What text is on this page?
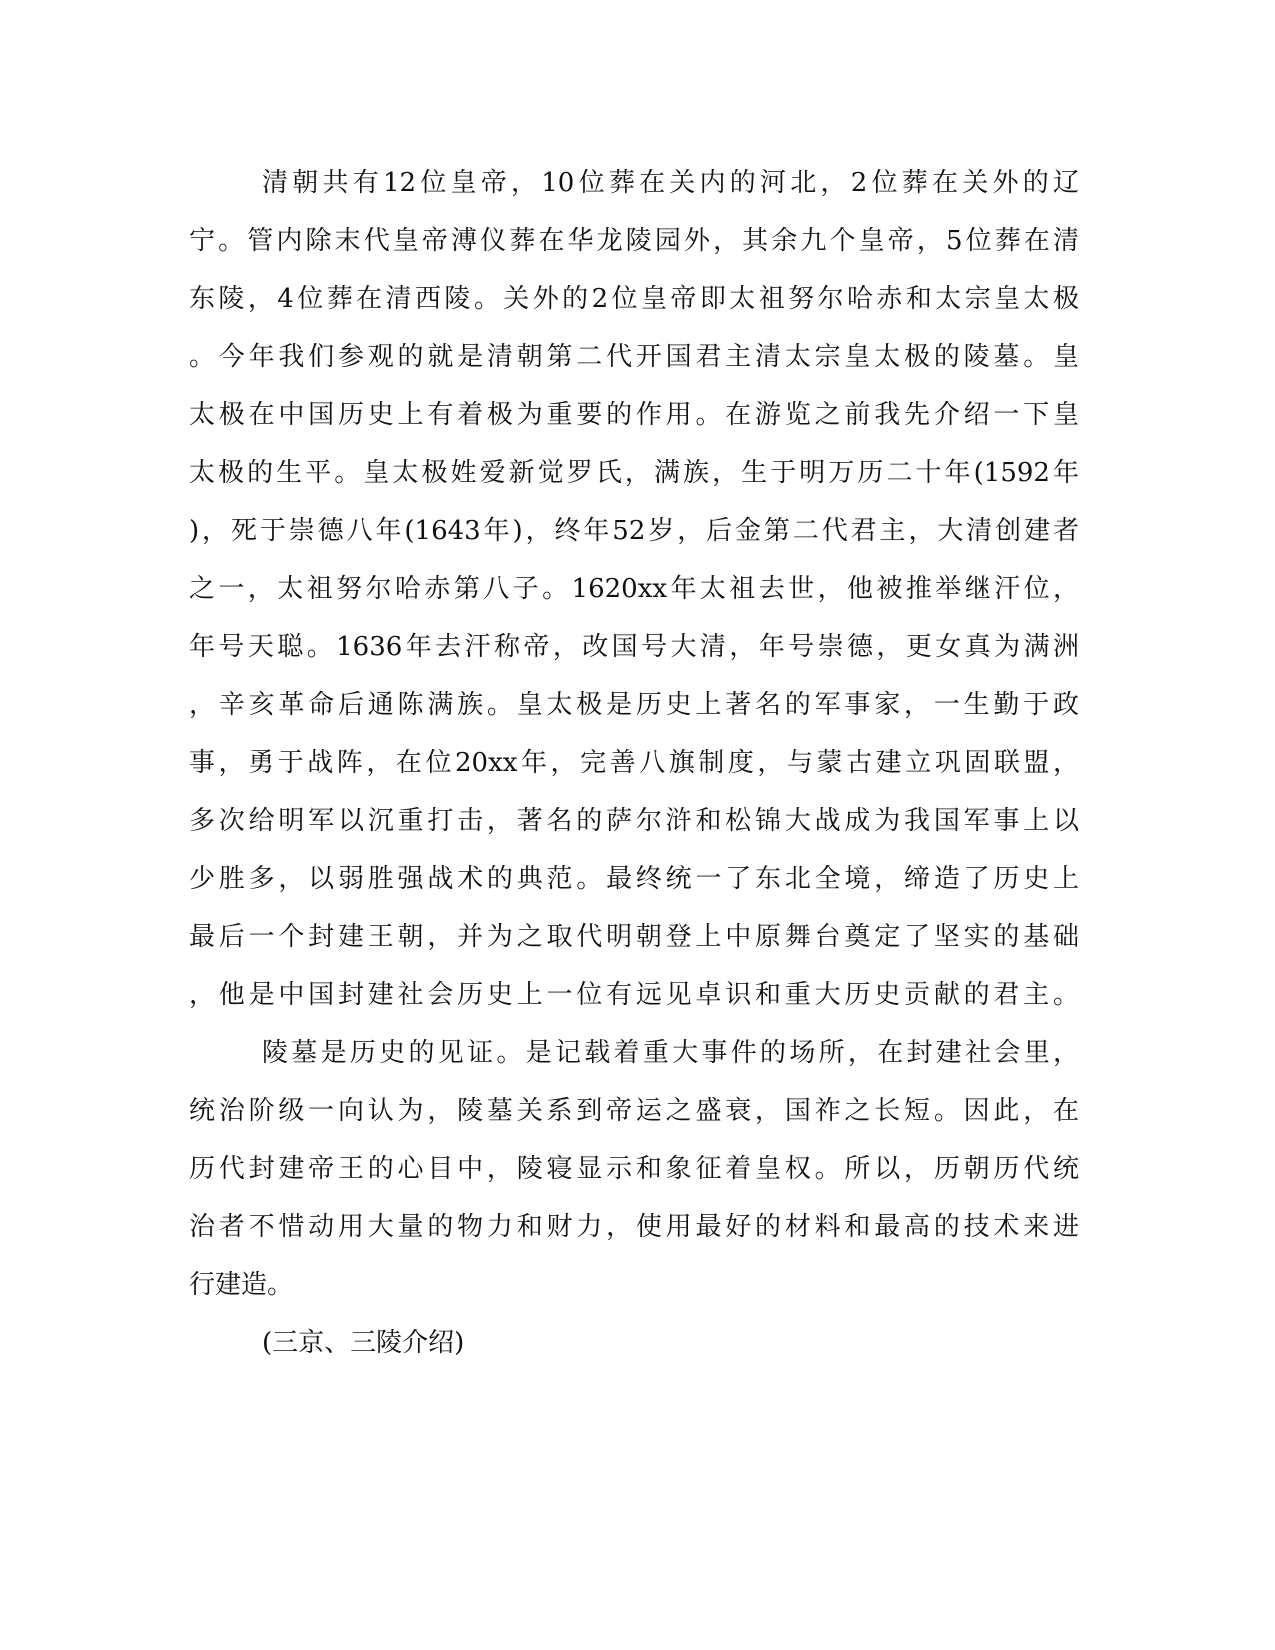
清朝共有12位皇帝，10位葬在关内的河北，2位葬在关外的辽
宁。管内除末代皇帝溥仪葬在华龙陵园外，其余九个皇帝，5位葬在清
东陵，4位葬在清西陵。关外的2位皇帝即太祖努尔哈赤和太宗皇太极
。今年我们参观的就是清朝第二代开国君主清太宗皇太极的陵墓。皇
太极在中国历史上有着极为重要的作用。在游览之前我先介绍一下皇
太极的生平。皇太极姓爱新觉罗氏，满族，生于明万历二十年(1592年
)，死于崇德八年(1643年)，终年52岁，后金第二代君主，大清创建者
之一，太祖努尔哈赤第八子。1620xx年太祖去世，他被推举继汗位，
年号天聪。1636年去汗称帝，改国号大清，年号崇德，更女真为满洲
，辛亥革命后通陈满族。皇太极是历史上著名的军事家，一生勤于政
事，勇于战阵，在位20xx年，完善八旗制度，与蒙古建立巩固联盟，
多次给明军以沉重打击，著名的萨尔浒和松锦大战成为我国军事上以
少胜多，以弱胜强战术的典范。最终统一了东北全境，缔造了历史上
最后一个封建王朝，并为之取代明朝登上中原舞台奠定了坚实的基础
，他是中国封建社会历史上一位有远见卓识和重大历史贡献的君主。
陵墓是历史的见证。是记载着重大事件的场所，在封建社会里，
统治阶级一向认为，陵墓关系到帝运之盛衰，国祚之长短。因此，在
历代封建帝王的心目中，陵寝显示和象征着皇权。所以，历朝历代统
治者不惜动用大量的物力和财力，使用最好的材料和最高的技术来进
行建造。
(三京、三陵介绍)
